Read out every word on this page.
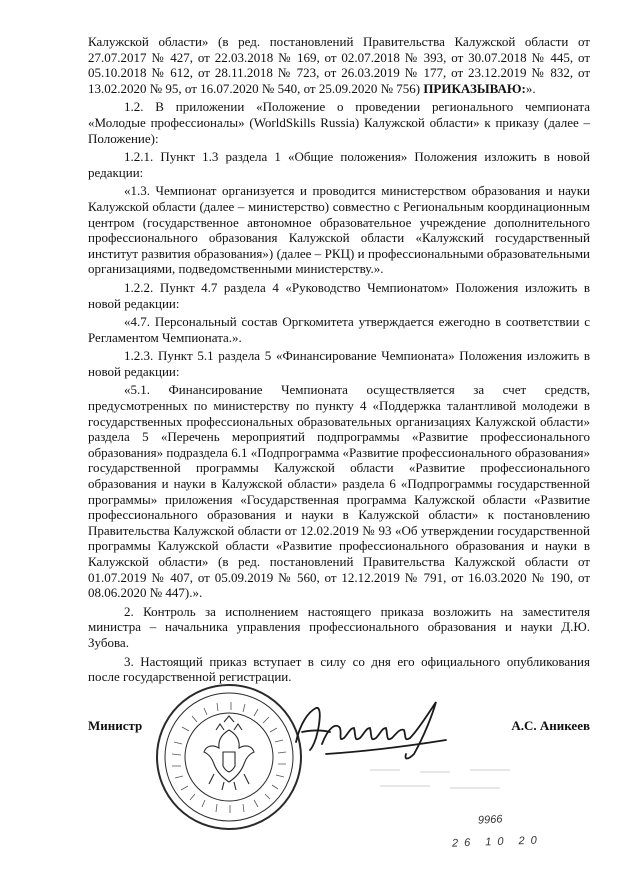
Калужской области» (в ред. постановлений Правительства Калужской области от 27.07.2017 № 427, от 22.03.2018 № 169, от 02.07.2018 № 393, от 30.07.2018 № 445, от 05.10.2018 № 612, от 28.11.2018 № 723, от 26.03.2019 № 177, от 23.12.2019 № 832, от 13.02.2020 № 95, от 16.07.2020 № 540, от 25.09.2020 № 756) ПРИКАЗЫВАЮ:».

1.2. В приложении «Положение о проведении регионального чемпионата «Молодые профессионалы» (WorldSkills Russia) Калужской области» к приказу (далее – Положение):

1.2.1. Пункт 1.3 раздела 1 «Общие положения» Положения изложить в новой редакции:

«1.3. Чемпионат организуется и проводится министерством образования и науки Калужской области (далее – министерство) совместно с Региональным координационным центром (государственное автономное образовательное учреждение дополнительного профессионального образования Калужской области «Калужский государственный институт развития образования») (далее – РКЦ) и профессиональными образовательными организациями, подведомственными министерству.».

1.2.2. Пункт 4.7 раздела 4 «Руководство Чемпионатом» Положения изложить в новой редакции:

«4.7. Персональный состав Оргкомитета утверждается ежегодно в соответствии с Регламентом Чемпионата.».

1.2.3. Пункт 5.1 раздела 5 «Финансирование Чемпионата» Положения изложить в новой редакции:

«5.1. Финансирование Чемпионата осуществляется за счет средств, предусмотренных по министерству по пункту 4 «Поддержка талантливой молодежи в государственных профессиональных образовательных организациях Калужской области» раздела 5 «Перечень мероприятий подпрограммы «Развитие профессионального образования» подраздела 6.1 «Подпрограмма «Развитие профессионального образования» государственной программы Калужской области «Развитие профессионального образования и науки в Калужской области» раздела 6 «Подпрограммы государственной программы» приложения «Государственная программа Калужской области «Развитие профессионального образования и науки в Калужской области» к постановлению Правительства Калужской области от 12.02.2019 № 93 «Об утверждении государственной программы Калужской области «Развитие профессионального образования и науки в Калужской области» (в ред. постановлений Правительства Калужской области от 01.07.2019 № 407, от 05.09.2019 № 560, от 12.12.2019 № 791, от 16.03.2020 № 190, от 08.06.2020 № 447).».

2. Контроль за исполнением настоящего приказа возложить на заместителя министра – начальника управления профессионального образования и науки Д.Ю. Зубова.

3. Настоящий приказ вступает в силу со дня его официального опубликования после государственной регистрации.

Министр	А.С. Аникеев
9966
26 10 20
